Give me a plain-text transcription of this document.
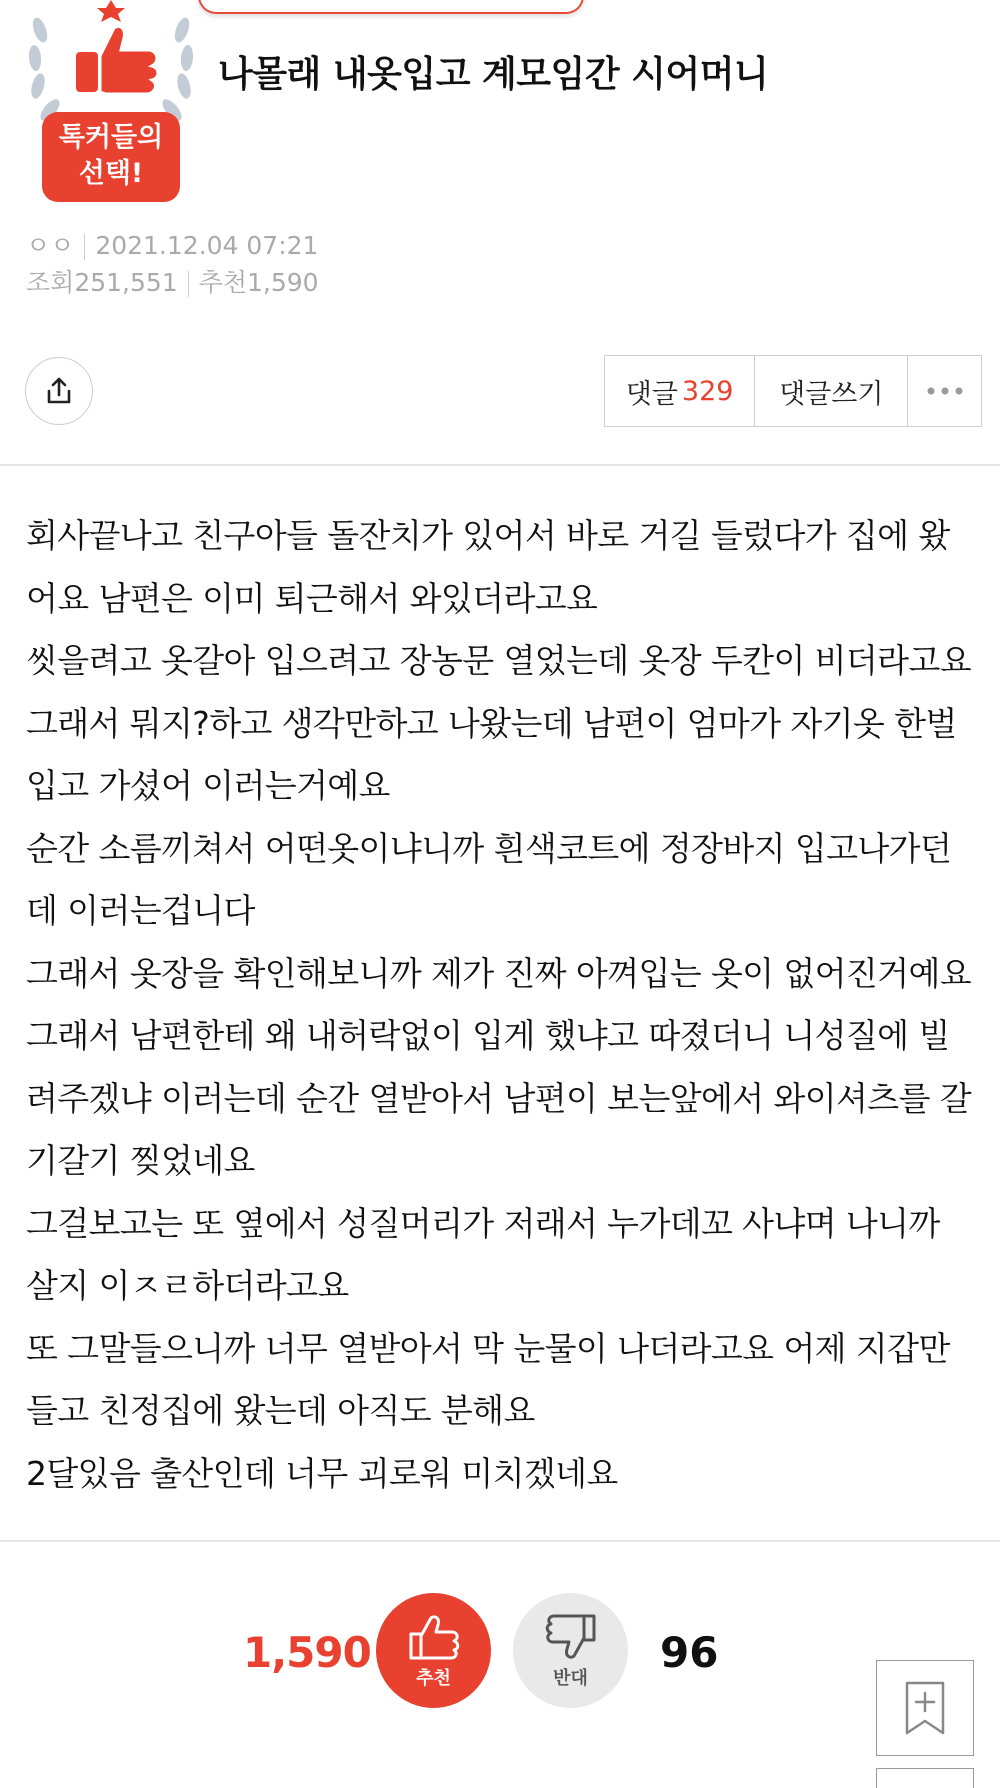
톡커들의
선택!
나몰래 내옷입고 계모임간 시어머니
ㅇㅇ 2021.12.04 07:21
조회251,551 추천1,590
댓글 329 댓글쓰기
회사끝나고 친구아들 돌잔치가 있어서 바로 거길 들렀다가 집에 왔
어요 남편은 이미 퇴근해서 와있더라고요
씻을려고 옷갈아 입으려고 장농문 열었는데 옷장 두칸이 비더라고요
그래서 뭐지?하고 생각만하고 나왔는데 남편이 엄마가 자기옷 한벌
입고 가셨어 이러는거예요
순간 소름끼쳐서 어떤옷이냐니까 흰색코트에 정장바지 입고나가던
데 이러는겁니다
그래서 옷장을 확인해보니까 제가 진짜 아껴입는 옷이 없어진거예요
그래서 남편한테 왜 내허락없이 입게 했냐고 따졌더니 니성질에 빌
려주겠냐 이러는데 순간 열받아서 남편이 보는앞에서 와이셔츠를 갈
기갈기 찢었네요
그걸보고는 또 옆에서 성질머리가 저래서 누가데꼬 사냐며 나니까
살지 이ㅈㄹ하더라고요
또 그말들으니까 너무 열받아서 막 눈물이 나더라고요 어제 지갑만
들고 친정집에 왔는데 아직도 분해요
2달있음 출산인데 너무 괴로워 미치겠네요
1,590
추천	반대
96
